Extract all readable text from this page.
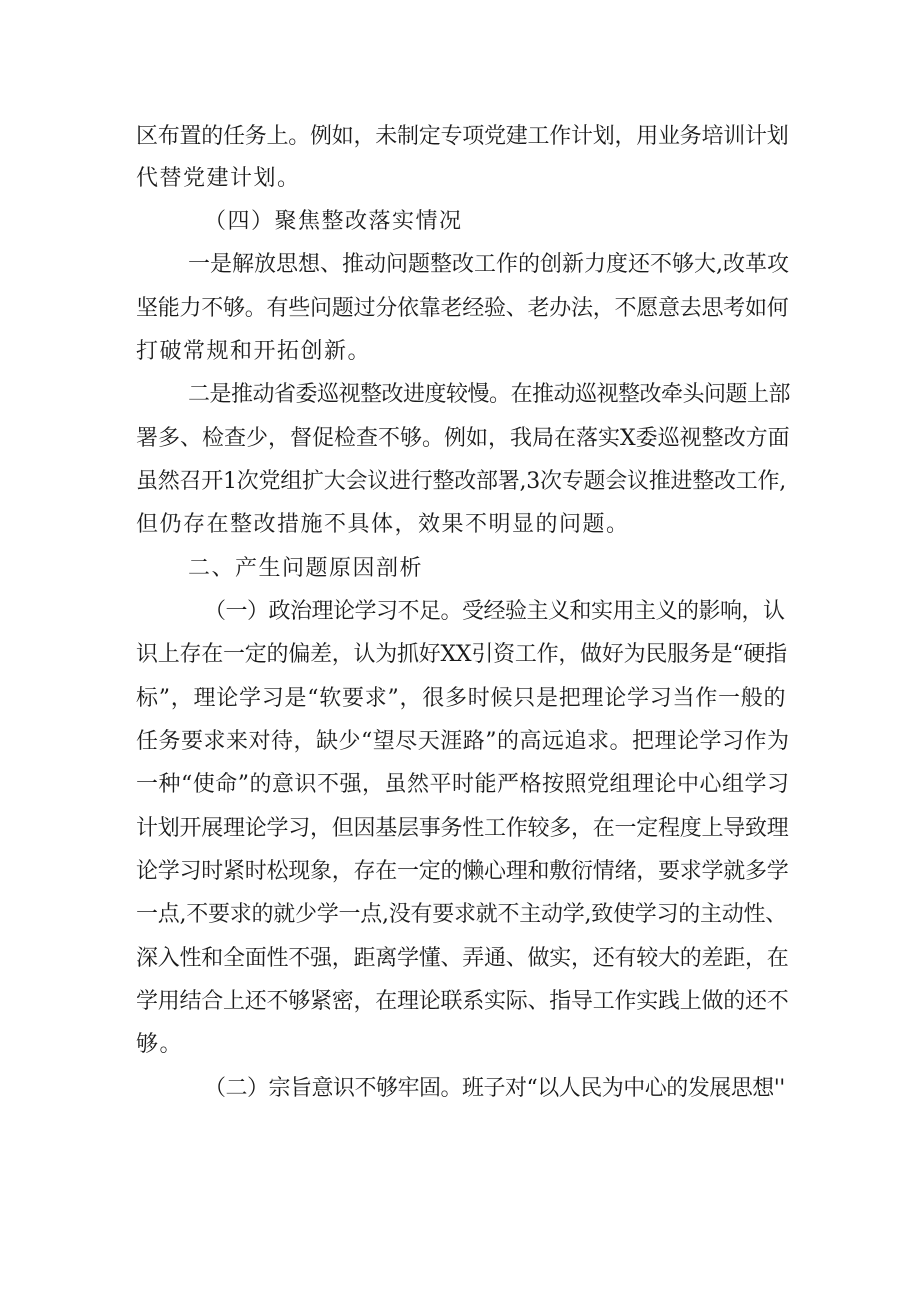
区布置的任务上。例如，未制定专项党建工作计划，用业务培训计划
代替党建计划。
（四）聚焦整改落实情况
一是解放思想、推动问题整改工作的创新力度还不够大,改革攻
坚能力不够。有些问题过分依靠老经验、老办法，不愿意去思考如何
打破常规和开拓创新。
二是推动省委巡视整改进度较慢。在推动巡视整改牵头问题上部
署多、检查少，督促检查不够。例如，我局在落实X委巡视整改方面
虽然召开1次党组扩大会议进行整改部署,3次专题会议推进整改工作,
但仍存在整改措施不具体，效果不明显的问题。
二、产生问题原因剖析
（一）政治理论学习不足。受经验主义和实用主义的影响，认
识上存在一定的偏差，认为抓好XX引资工作，做好为民服务是“硬指
标”，理论学习是“软要求”，很多时候只是把理论学习当作一般的
任务要求来对待，缺少“望尽天涯路”的高远追求。把理论学习作为
一种“使命”的意识不强，虽然平时能严格按照党组理论中心组学习
计划开展理论学习，但因基层事务性工作较多，在一定程度上导致理
论学习时紧时松现象，存在一定的懒心理和敷衍情绪，要求学就多学
一点,不要求的就少学一点,没有要求就不主动学,致使学习的主动性、
深入性和全面性不强，距离学懂、弄通、做实，还有较大的差距，在
学用结合上还不够紧密，在理论联系实际、指导工作实践上做的还不
够。
（二）宗旨意识不够牢固。班子对“以人民为中心的发展思想''
